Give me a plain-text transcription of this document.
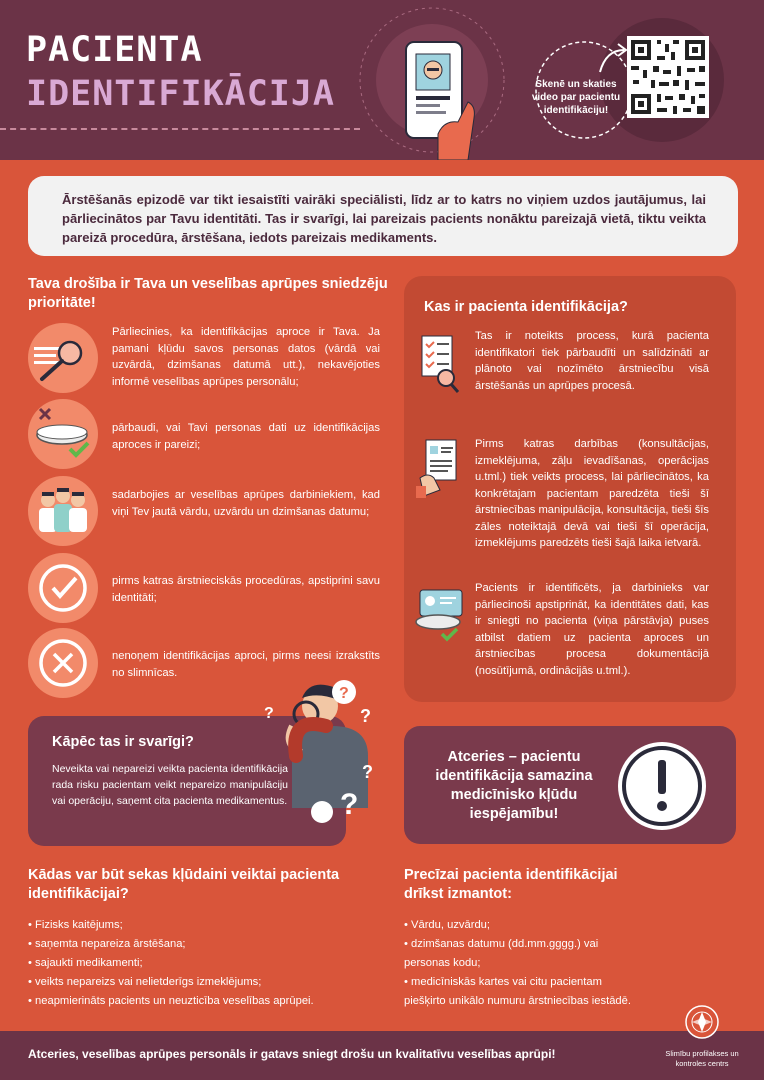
PACIENTA
IDENTIFIKĀCIJA	Skenē un skaties video par pacientu identifikāciju!
Ārstēšanās epizodē var tikt iesaistīti vairāki speciālisti, līdz ar to katrs no viņiem uzdos jautājumus, lai pārliecinātos par Tavu identitāti. Tas ir svarīgi, lai pareizais pacients nonāktu pareizajā vietā, tiktu veikta pareizā procedūra, ārstēšana, iedots pareizais medikaments.
Tava drošība ir Tava un veselības aprūpes sniedzēju prioritāte!
Pārliecinies, ka identifikācijas aproce ir Tava. Ja pamani kļūdu savos personas datos (vārdā vai uzvārdā, dzimšanas datumā utt.), nekavējoties informē veselības aprūpes personālu;
pārbaudi, vai Tavi personas dati uz identifikācijas aproces ir pareizi;
sadarbojies ar veselības aprūpes darbiniekiem, kad viņi Tev jautā vārdu, uzvārdu un dzimšanas datumu;
pirms katras ārstnieciskās procedūras, apstiprini savu identitāti;
nenoņem identifikācijas aproci, pirms neesi izrakstīts no slimnīcas.
Kas ir pacienta identifikācija?
Tas ir noteikts process, kurā pacienta identifikatori tiek pārbaudīti un salīdzināti ar plānoto vai nozīmēto ārstniecību visā ārstēšanās un aprūpes procesā.
Pirms katras darbības (konsultācijas, izmeklējuma, zāļu ievadīšanas, operācijas u.tml.) tiek veikts process, lai pārliecinātos, ka konkrētajam pacientam paredzēta tieši šī ārstniecības manipulācija, konsultācija, tieši šīs zāles noteiktajā devā vai tieši šī operācija, izmeklējums paredzēts tieši šajā laika ietvarā.
Pacients ir identificēts, ja darbinieks var pārliecinoši apstiprināt, ka identitātes dati, kas ir sniegti no pacienta (viņa pārstāvja) puses atbilst datiem uz pacienta aproces un ārstniecības procesa dokumentācijā (nosūtījumā, ordinācijās u.tml.).
Kāpēc tas ir svarīgi?
Neveikta vai nepareizi veikta pacienta identifikācija rada risku pacientam veikt nepareizo manipulāciju vai operāciju, saņemt cita pacienta medikamentus.
?
?	?
?
?
Atceries – pacientu identifikācija samazina medicīnisko kļūdu iespējamību!
Kādas var būt sekas kļūdaini veiktai pacienta identifikācijai?
• Fizisks kaitējums;
• saņemta nepareiza ārstēšana;
• sajaukti medikamenti;
• veikts nepareizs vai nelietderīgs izmeklējums;
• neapmierināts pacients un neuzticība veselības aprūpei.
Precīzai pacienta identifikācijai drīkst izmantot:
• Vārdu, uzvārdu;
• dzimšanas datumu (dd.mm.gggg.) vai
personas kodu;
• medicīniskās kartes vai citu pacientam
piešķirto unikālo numuru ārstniecības iestādē.
Atceries, veselības aprūpes personāls ir gatavs sniegt drošu un kvalitatīvu veselības aprūpi!	Slimību profilakses un kontroles centrs
